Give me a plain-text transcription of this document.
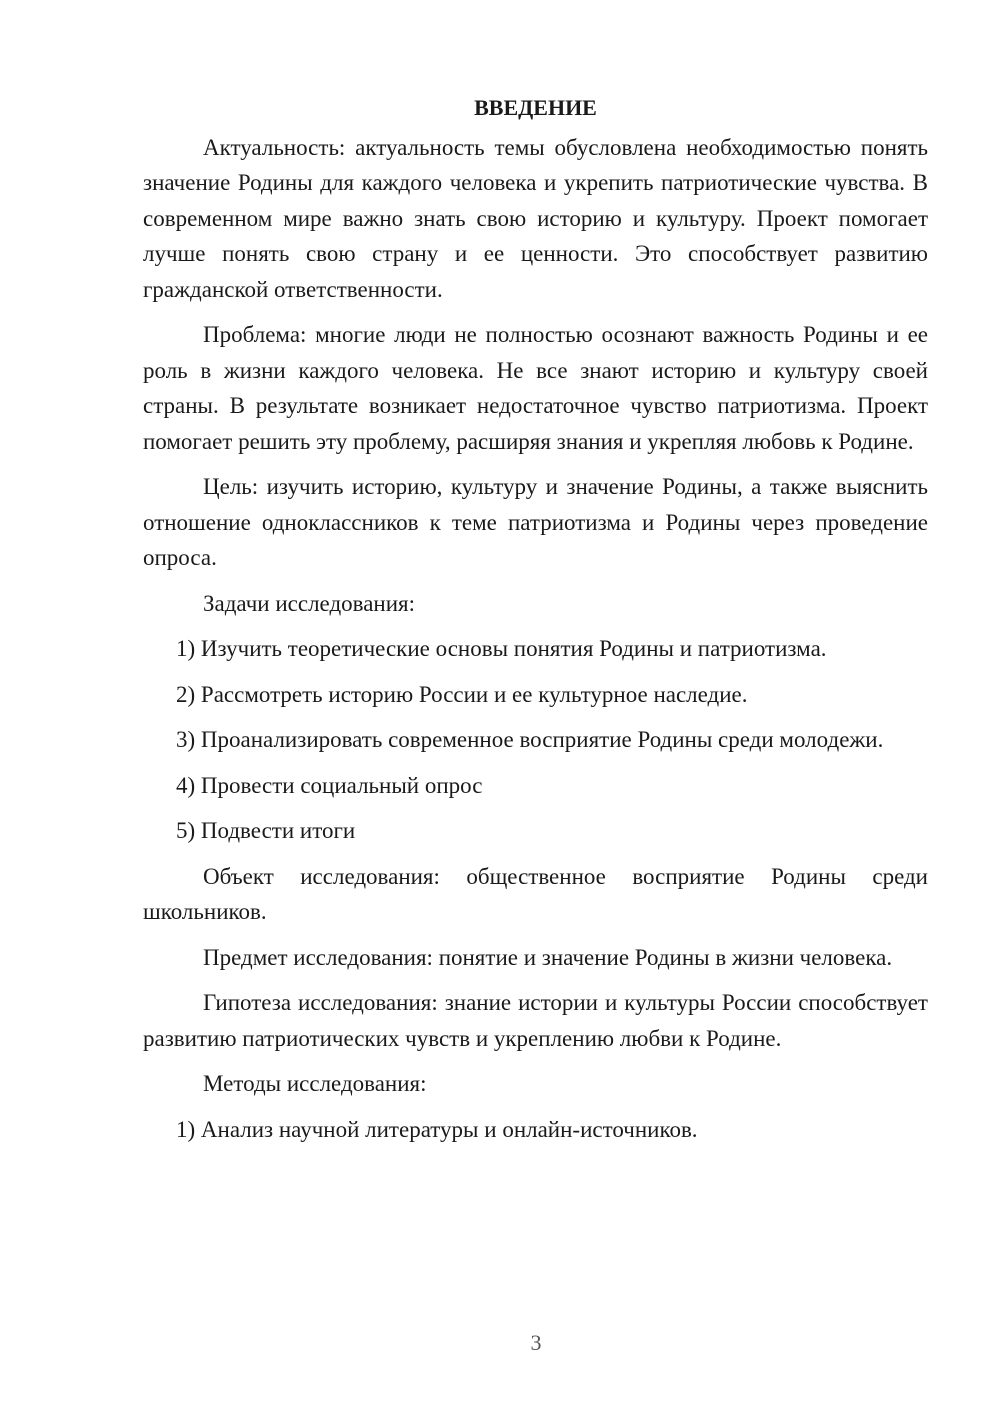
ВВЕДЕНИЕ

Актуальность: актуальность темы обусловлена необходимостью понять значение Родины для каждого человека и укрепить патриотические чувства. В современном мире важно знать свою историю и культуру. Проект помогает лучше понять свою страну и ее ценности. Это способствует развитию гражданской ответственности.

Проблема: многие люди не полностью осознают важность Родины и ее роль в жизни каждого человека. Не все знают историю и культуру своей страны. В результате возникает недостаточное чувство патриотизма. Проект помогает решить эту проблему, расширяя знания и укрепляя любовь к Родине.

Цель: изучить историю, культуру и значение Родины, а также выяснить отношение одноклассников к теме патриотизма и Родины через проведение опроса.

Задачи исследования:

1) Изучить теоретические основы понятия Родины и патриотизма.

2) Рассмотреть историю России и ее культурное наследие.

3) Проанализировать современное восприятие Родины среди молодежи.

4) Провести социальный опрос

5) Подвести итоги

Объект исследования: общественное восприятие Родины среди школьников.

Предмет исследования: понятие и значение Родины в жизни человека.

Гипотеза исследования: знание истории и культуры России способствует развитию патриотических чувств и укреплению любви к Родине.

Методы исследования:

1) Анализ научной литературы и онлайн-источников.

3
